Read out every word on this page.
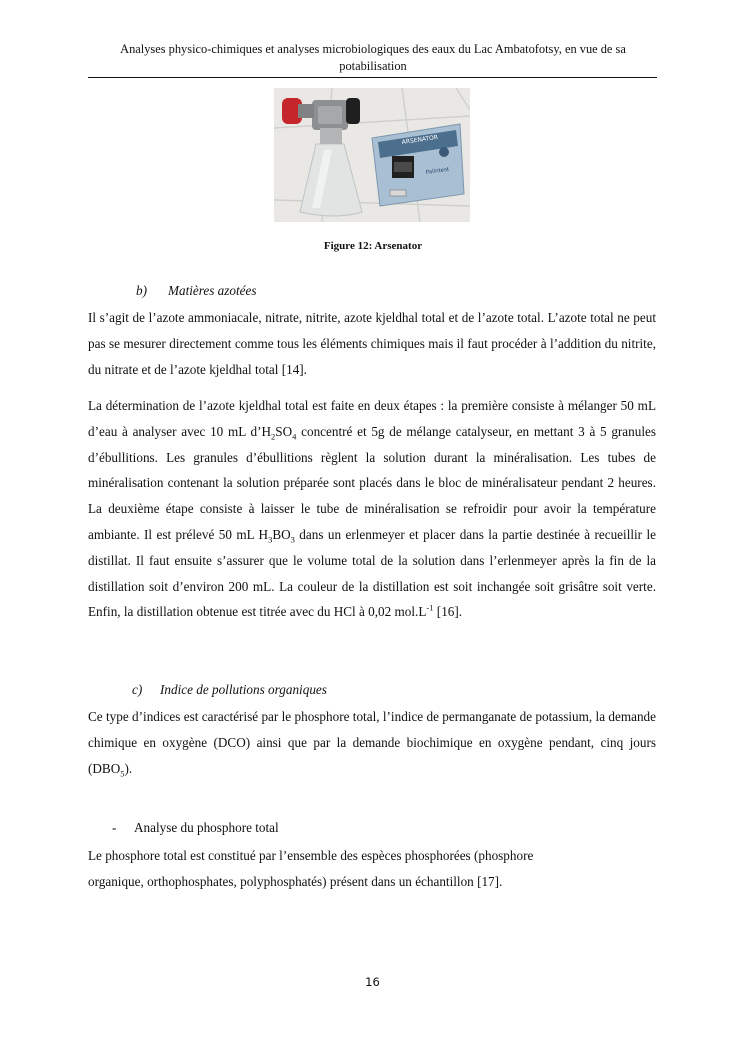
Analyses physico-chimiques et analyses microbiologiques des eaux du Lac Ambatofotsy, en vue de sa
potabilisation
ARSENATOR
Palintest
Figure 12: Arsenator
b) Matières azotées
Il s’agit de l’azote ammoniacale, nitrate, nitrite, azote kjeldhal total et de l’azote total. L’azote total ne peut pas se mesurer directement comme tous les éléments chimiques mais il faut procéder à l’addition du nitrite, du nitrate et de l’azote kjeldhal total [14].
La détermination de l’azote kjeldhal total est faite en deux étapes : la première consiste à mélanger 50 mL d’eau à analyser avec 10 mL $d’H_2SO_4$ concentré et 5g de mélange catalyseur, en mettant 3 à 5 granules d’ébullitions. Les granules d’ébullitions règlent la solution durant la minéralisation. Les tubes de minéralisation contenant la solution préparée sont placés dans le bloc de minéralisateur pendant 2 heures. La deuxième étape consiste à laisser le tube de minéralisation se refroidir pour avoir la température ambiante. Il est prélevé 50 mL $H_3BO_3$ dans un erlenmeyer et placer dans la partie destinée à recueillir le distillat. Il faut ensuite s’assurer que le volume total de la solution dans l’erlenmeyer après la fin de la distillation soit d’environ 200 mL. La couleur de la distillation est soit inchangée soit grisâtre soit verte. Enfin, la distillation obtenue est titrée avec du HCl à 0,02 $mol.L^{-1}$ [16].
c) Indice de pollutions organiques
Ce type d’indices est caractérisé par le phosphore total, l’indice de permanganate de potassium, la demande chimique en oxygène (DCO) ainsi que par la demande biochimique en oxygène pendant, cinq jours $(DBO_5)$.
- Analyse du phosphore total
Le phosphore total est constitué par l’ensemble des espèces phosphorées (phosphore
organique, orthophosphates, polyphosphatés) présent dans un échantillon [17].
16
